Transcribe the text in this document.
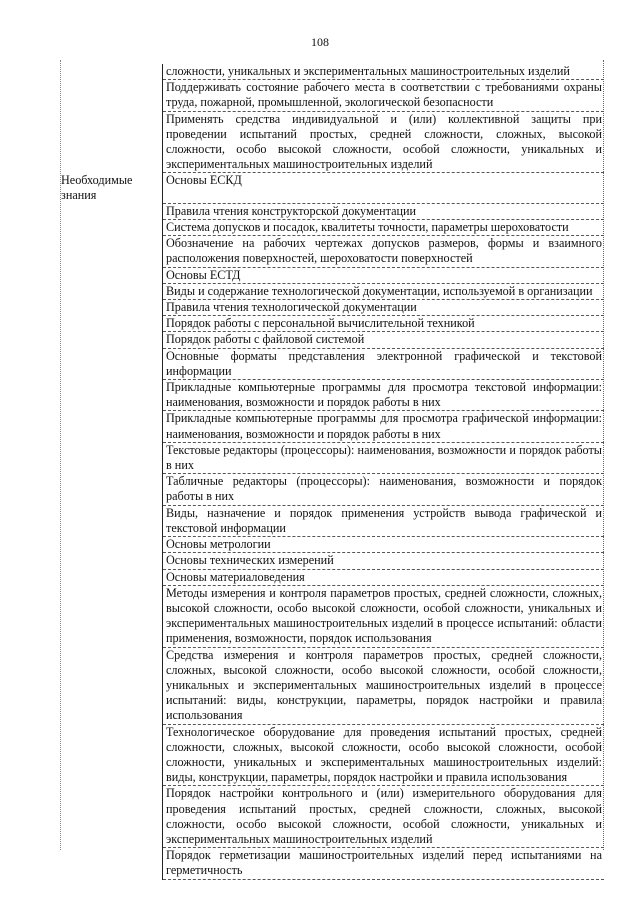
108

	сложности, уникальных и экспериментальных машиностроительных изделий

	Поддерживать состояние рабочего места в соответствии с требованиями охраны труда, пожарной, промышленной, экологической безопасности

	Применять средства индивидуальной и (или) коллективной защиты при проведении испытаний простых, средней сложности, сложных, высокой сложности, особо высокой сложности, особой сложности, уникальных и экспериментальных машиностроительных изделий

Необходимые знания	Основы ЕСКД

	Правила чтения конструкторской документации

	Система допусков и посадок, квалитеты точности, параметры шероховатости

	Обозначение на рабочих чертежах допусков размеров, формы и взаимного расположения поверхностей, шероховатости поверхностей

	Основы ЕСТД

	Виды и содержание технологической документации, используемой в организации

	Правила чтения технологической документации

	Порядок работы с персональной вычислительной техникой

	Порядок работы с файловой системой

	Основные форматы представления электронной графической и текстовой информации

	Прикладные компьютерные программы для просмотра текстовой информации: наименования, возможности и порядок работы в них

	Прикладные компьютерные программы для просмотра графической информации: наименования, возможности и порядок работы в них

	Текстовые редакторы (процессоры): наименования, возможности и порядок работы в них

	Табличные редакторы (процессоры): наименования, возможности и порядок работы в них

	Виды, назначение и порядок применения устройств вывода графической и текстовой информации

	Основы метрологии

	Основы технических измерений

	Основы материаловедения

	Методы измерения и контроля параметров простых, средней сложности, сложных, высокой сложности, особо высокой сложности, особой сложности, уникальных и экспериментальных машиностроительных изделий в процессе испытаний: области применения, возможности, порядок использования

	Средства измерения и контроля параметров простых, средней сложности, сложных, высокой сложности, особо высокой сложности, особой сложности, уникальных и экспериментальных машиностроительных изделий в процессе испытаний: виды, конструкции, параметры, порядок настройки и правила использования

	Технологическое оборудование для проведения испытаний простых, средней сложности, сложных, высокой сложности, особо высокой сложности, особой сложности, уникальных и экспериментальных машиностроительных изделий: виды, конструкции, параметры, порядок настройки и правила использования

	Порядок настройки контрольного и (или) измерительного оборудования для проведения испытаний простых, средней сложности, сложных, высокой сложности, особо высокой сложности, особой сложности, уникальных и экспериментальных машиностроительных изделий

	Порядок герметизации машиностроительных изделий перед испытаниями на герметичность
